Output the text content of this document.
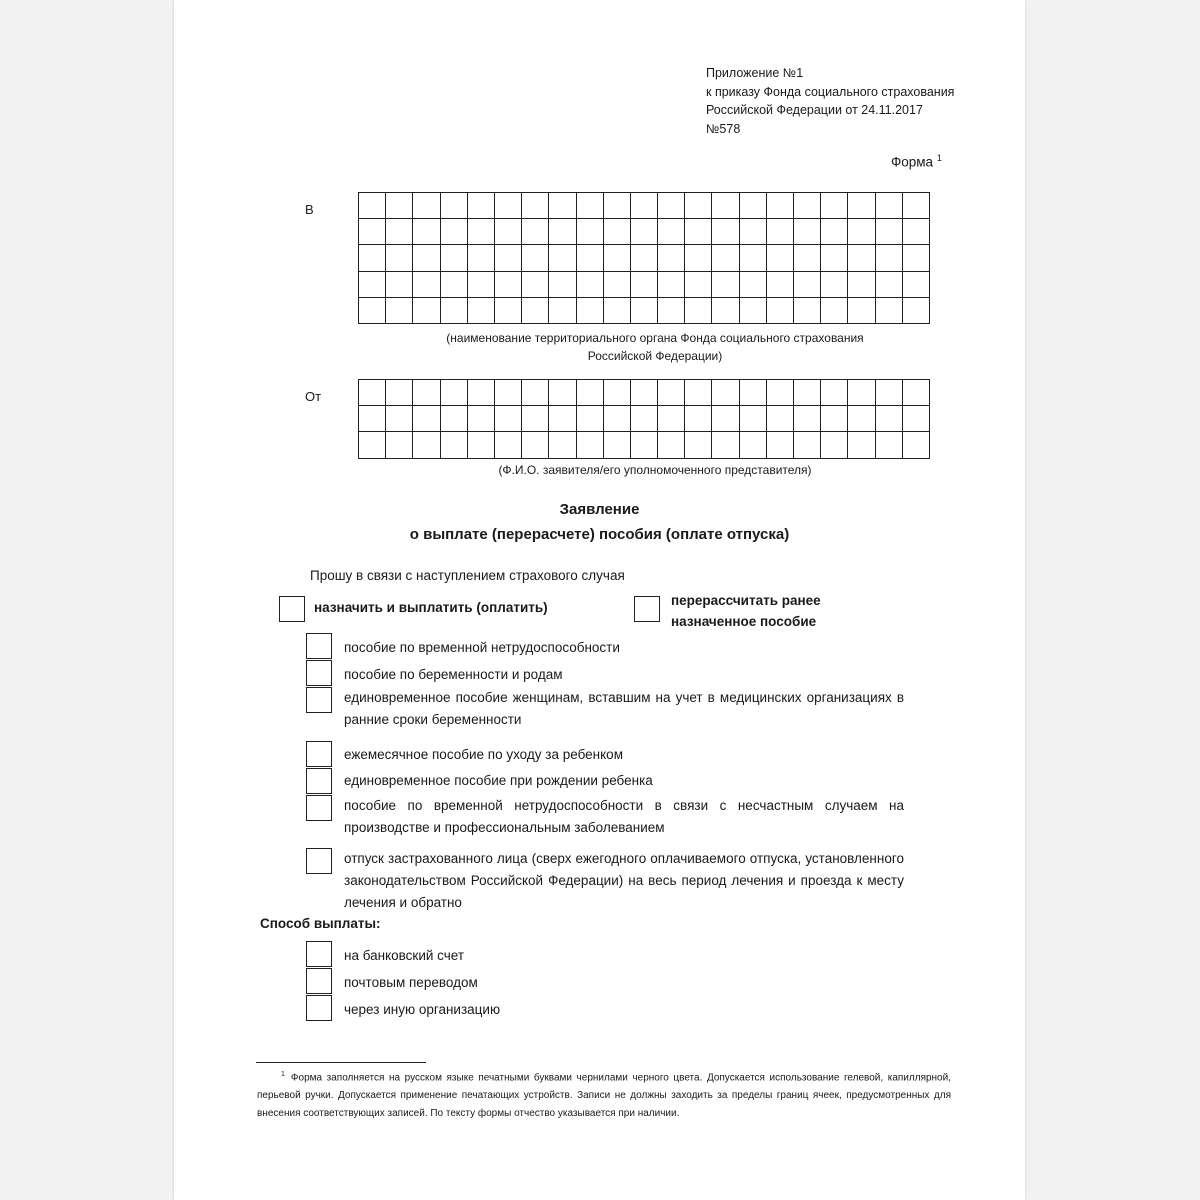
Приложение №1
к приказу Фонда социального страхования
Российской Федерации от 24.11.2017
№578
Форма $^1$
В

(наименование территориального органа Фонда социального страхования
Российской Федерации)
От

(Ф.И.О. заявителя/его уполномоченного представителя)
Заявление
о выплате (перерасчете) пособия (оплате отпуска)
Прошу в связи с наступлением страхового случая
назначить и выплатить (оплатить)	перерассчитать ранее
назначенное пособие
пособие по временной нетрудоспособности
пособие по беременности и родам
единовременное пособие женщинам, вставшим на учет в медицинских организациях в ранние сроки беременности
ежемесячное пособие по уходу за ребенком
единовременное пособие при рождении ребенка
пособие по временной нетрудоспособности в связи с несчастным случаем на производстве и профессиональным заболеванием
отпуск застрахованного лица (сверх ежегодного оплачиваемого отпуска, установленного законодательством Российской Федерации) на весь период лечения и проезда к месту лечения и обратно
Способ выплаты:
на банковский счет
почтовым переводом
через иную организацию
$^1$ Форма заполняется на русском языке печатными буквами чернилами черного цвета. Допускается использование гелевой, капиллярной, перьевой ручки. Допускается применение печатающих устройств. Записи не должны заходить за пределы границ ячеек, предусмотренных для внесения соответствующих записей. По тексту формы отчество указывается при наличии.
